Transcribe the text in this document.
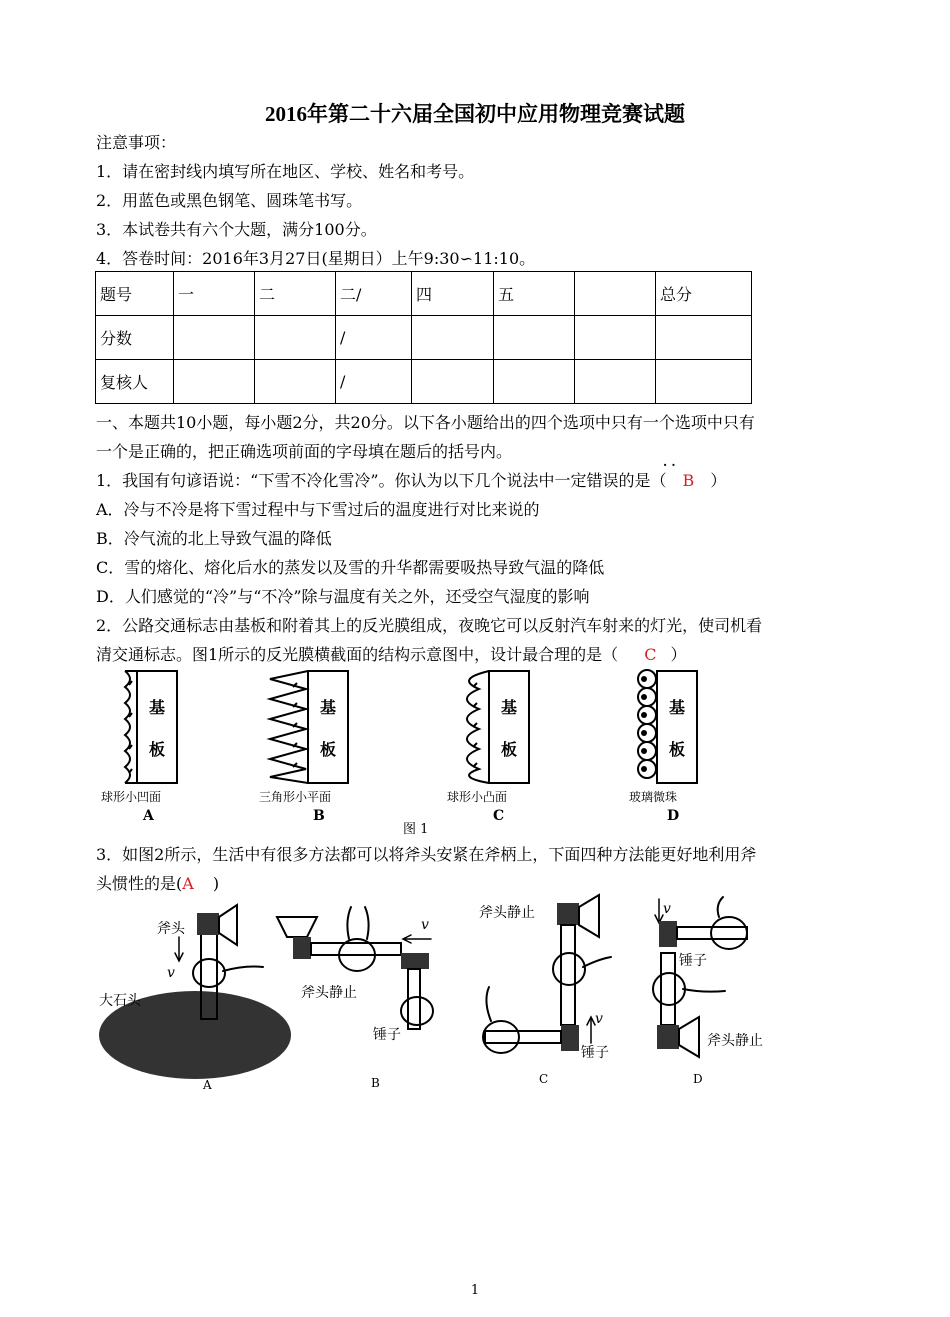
2016年第二十六届全国初中应用物理竞赛试题
注意事项：
1．请在密封线内填写所在地区、学校、姓名和考号。
2．用蓝色或黑色钢笔、圆珠笔书写。
3．本试卷共有六个大题，满分100分。
4．答卷时间：2016年3月27日(星期日）上午9:30∽11:10。
题号	一	二	二/	四	五		总分
分数			/				
复核人			/				
一、本题共10小题，每小题2分，共20分。以下各小题给出的四个选项中只有一个选项中只有
一个是正确的，把正确选项前面的字母填在题后的括号内。
· ·
1．我国有句谚语说：“下雪不冷化雪冷”。你认为以下几个说法中一定错误的是（ B ）
A．冷与不冷是将下雪过程中与下雪过后的温度进行对比来说的
B．冷气流的北上导致气温的降低
C．雪的熔化、熔化后水的蒸发以及雪的升华都需要吸热导致气温的降低
D．人们感觉的“冷”与“不冷”除与温度有关之外，还受空气湿度的影响
2．公路交通标志由基板和附着其上的反光膜组成，夜晚它可以反射汽车射来的灯光，使司机看
清交通标志。图1所示的反光膜横截面的结构示意图中，设计最合理的是（ C ）
基
板
球形小凹面
A
基
板
三角形小平面
B
基
板
球形小凸面
C
基
板
玻璃微珠
D
图 1
3．如图2所示，生活中有很多方法都可以将斧头安紧在斧柄上，下面四种方法能更好地利用斧
头惯性的是(A )
斧头
v
大石头
A
v
斧头静止
锤子
B
斧头静止
v
锤子
C
v
锤子
斧头静止
D
1
